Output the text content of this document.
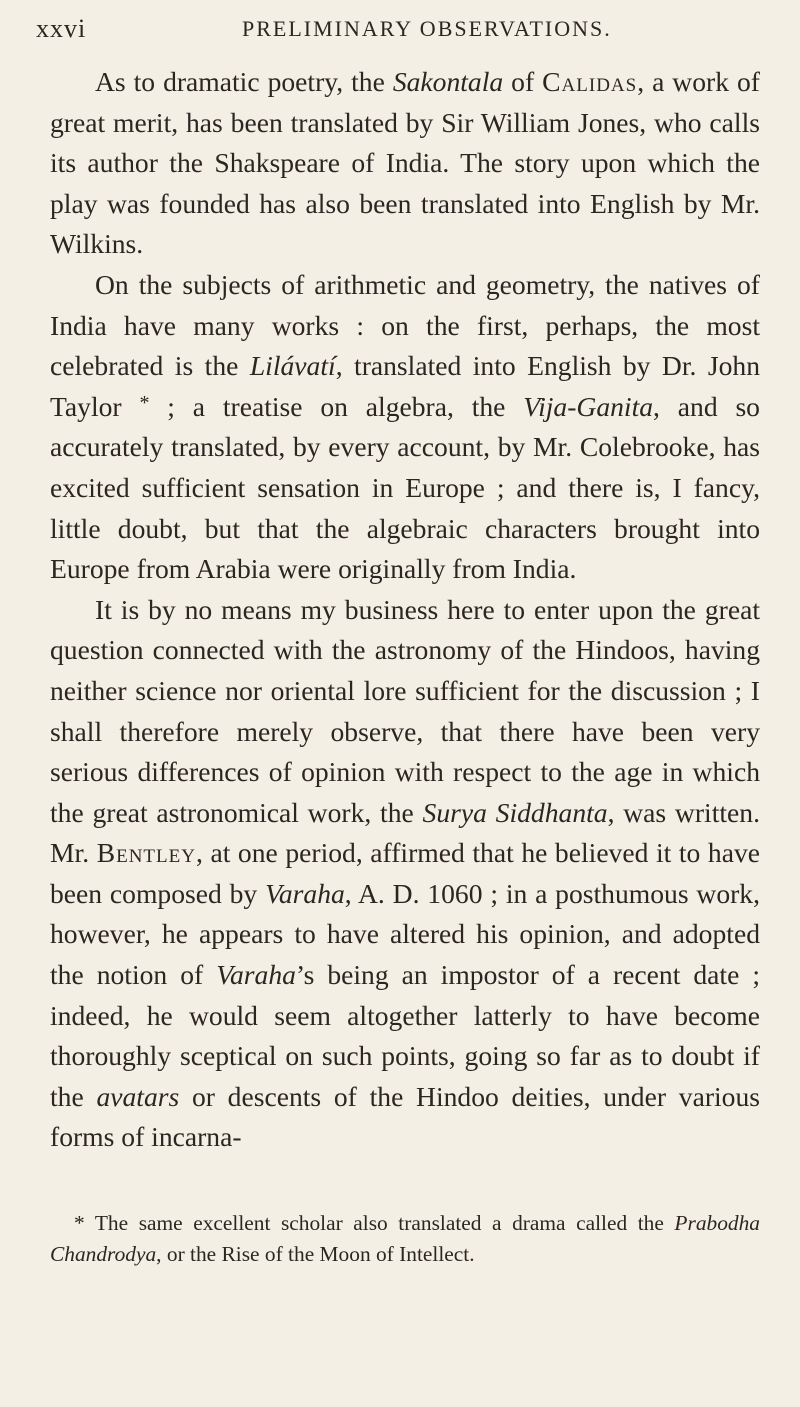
xxvi	PRELIMINARY OBSERVATIONS.

As to dramatic poetry, the Sakontala of Calidas, a work of great merit, has been translated by Sir William Jones, who calls its author the Shakspeare of India. The story upon which the play was founded has also been translated into English by Mr. Wilkins.

On the subjects of arithmetic and geometry, the natives of India have many works : on the first, perhaps, the most celebrated is the Lilávatí, translated into English by Dr. John Taylor * ; a treatise on algebra, the Vija-Ganita, and so accurately translated, by every account, by Mr. Colebrooke, has excited sufficient sensation in Europe ; and there is, I fancy, little doubt, but that the algebraic characters brought into Europe from Arabia were originally from India.

It is by no means my business here to enter upon the great question connected with the astronomy of the Hindoos, having neither science nor oriental lore sufficient for the discussion ; I shall therefore merely observe, that there have been very serious differences of opinion with respect to the age in which the great astronomical work, the Surya Siddhanta, was written. Mr. Bentley, at one period, affirmed that he believed it to have been composed by Varaha, A. D. 1060 ; in a posthumous work, however, he appears to have altered his opinion, and adopted the notion of Varaha’s being an impostor of a recent date ; indeed, he would seem altogether latterly to have become thoroughly sceptical on such points, going so far as to doubt if the avatars or descents of the Hindoo deities, under various forms of incarna-

* The same excellent scholar also translated a drama called the Prabodha Chandrodya, or the Rise of the Moon of Intellect.
